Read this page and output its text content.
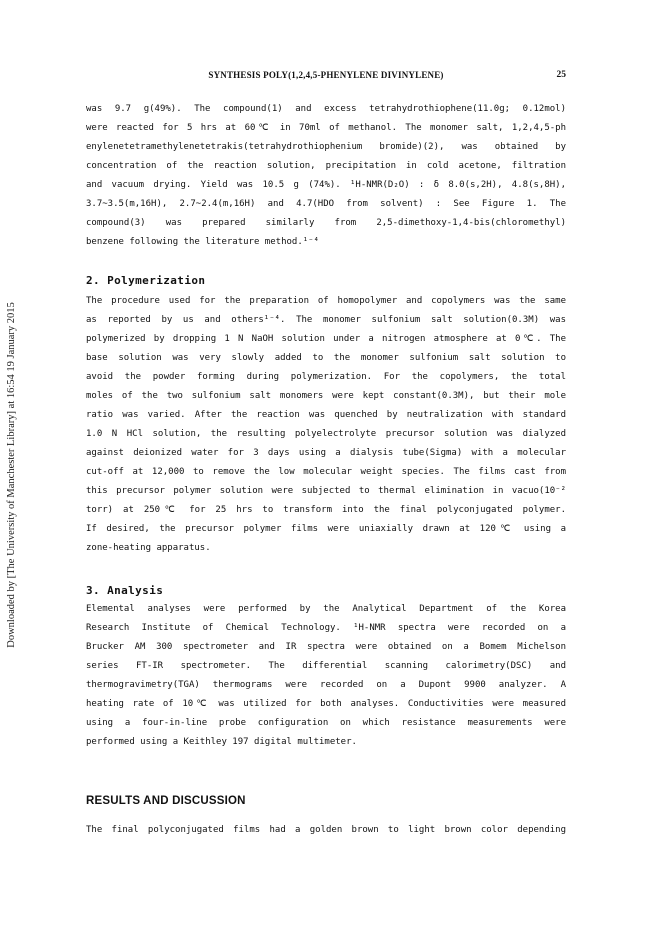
Downloaded by [The University of Manchester Library] at 16:54 19 January 2015
SYNTHESIS POLY(1,2,4,5-PHENYLENE DIVINYLENE)	25
was 9.7 g(49%). The compound(1) and excess tetrahydrothiophene(11.0g; 0.12mol)
were reacted for 5 hrs at 60℃ in 70ml of methanol. The monomer salt, 1,2,4,5-ph
enylenetetramethylenetetrakis(tetrahydrothiophenium bromide)(2), was obtained by
concentration of the reaction solution, precipitation in cold acetone, filtration
and vacuum drying. Yield was 10.5 g (74%). ¹H-NMR(D₂O) : δ 8.0(s,2H), 4.8(s,8H),
3.7~3.5(m,16H), 2.7~2.4(m,16H) and 4.7(HDO from solvent) : See Figure 1. The
compound(3) was prepared similarly from 2,5-dimethoxy-1,4-bis(chloromethyl)
benzene following the literature method.¹⁻⁴
2. Polymerization
The procedure used for the preparation of homopolymer and copolymers was the same
as reported by us and others¹⁻⁴. The monomer sulfonium salt solution(0.3M) was
polymerized by dropping 1 N NaOH solution under a nitrogen atmosphere at 0℃. The
base solution was very slowly added to the monomer sulfonium salt solution to
avoid the powder forming during polymerization. For the copolymers, the total
moles of the two sulfonium salt monomers were kept constant(0.3M), but their mole
ratio was varied. After the reaction was quenched by neutralization with standard
1.0 N HCl solution, the resulting polyelectrolyte precursor solution was dialyzed
against deionized water for 3 days using a dialysis tube(Sigma) with a molecular
cut-off at 12,000 to remove the low molecular weight species. The films cast from
this precursor polymer solution were subjected to thermal elimination in vacuo(10⁻²
torr) at 250℃ for 25 hrs to transform into the final polyconjugated polymer.
If desired, the precursor polymer films were uniaxially drawn at 120℃ using a
zone-heating apparatus.
3. Analysis
Elemental analyses were performed by the Analytical Department of the Korea
Research Institute of Chemical Technology. ¹H-NMR spectra were recorded on a
Brucker AM 300 spectrometer and IR spectra were obtained on a Bomem Michelson
series FT-IR spectrometer. The differential scanning calorimetry(DSC) and
thermogravimetry(TGA) thermograms were recorded on a Dupont 9900 analyzer. A
heating rate of 10℃ was utilized for both analyses. Conductivities were measured
using a four-in-line probe configuration on which resistance measurements were
performed using a Keithley 197 digital multimeter.
RESULTS AND DISCUSSION
The final polyconjugated films had a golden brown to light brown color depending
